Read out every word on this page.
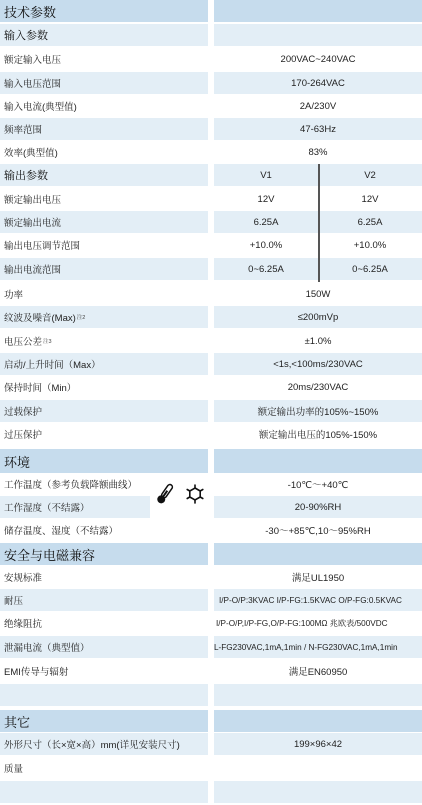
技术参数
输入参数
额定输入电压	200VAC~240VAC
输入电压范围	170-264VAC
输入电流(典型值)	2A/230V
频率范围	47-63Hz
效率(典型值)	83%
输出参数	V1	V2
额定输出电压	12V	12V
额定输出电流	6.25A	6.25A
输出电压调节范围	+10.0%	+10.0%
输出电流范围	0~6.25A	0~6.25A
功率	150W
纹波及噪音(Max) 注2	≤200mVp
电压公差 注3	±1.0%
启动/上升时间（Max）	<1s,<100ms/230VAC
保持时间（Min）	20ms/230VAC
过载保护	额定输出功率的105%~150%
过压保护	额定输出电压的105%-150%
环境
工作温度（参考负载降额曲线）	-10℃～+40℃
工作湿度（不结露）	20-90%RH
储存温度、湿度（不结露）	-30～+85℃,10～95%RH
安全与电磁兼容
安规标准	满足UL1950
耐压	I/P-O/P:3KVAC I/P-FG:1.5KVAC O/P-FG:0.5KVAC
绝缘阻抗	I/P-O/P,I/P-FG,O/P-FG:100MΩ 兆欧表/500VDC
泄漏电流（典型值）	L-FG230VAC,1mA,1min / N-FG230VAC,1mA,1min
EMI传导与辐射	满足EN60950
其它
外形尺寸（长×宽×高）mm(详见安装尺寸)	199×96×42
质量
